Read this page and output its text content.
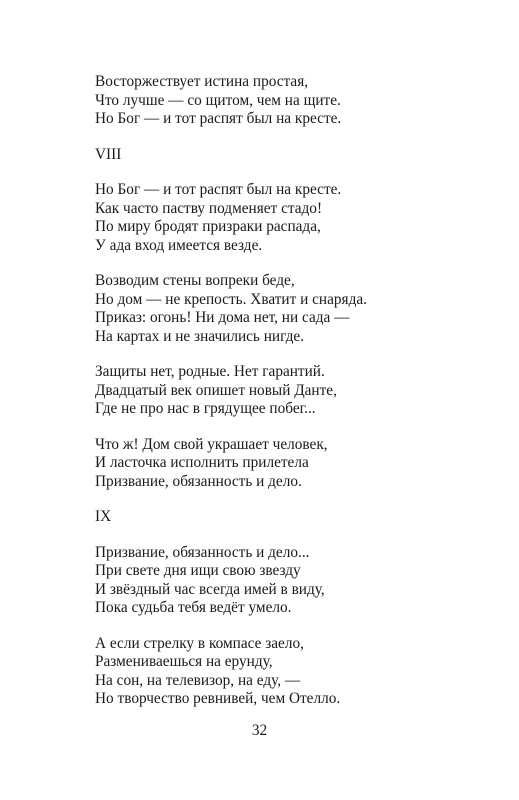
Восторжествует истина простая,
Что лучше — со щитом, чем на щите.
Но Бог — и тот распят был на кресте.
VIII
Но Бог — и тот распят был на кресте.
Как часто паству подменяет стадо!
По миру бродят призраки распада,
У ада вход имеется везде.
Возводим стены вопреки беде,
Но дом — не крепость. Хватит и снаряда.
Приказ: огонь! Ни дома нет, ни сада —
На картах и не значились нигде.
Защиты нет, родные. Нет гарантий.
Двадцатый век опишет новый Данте,
Где не про нас в грядущее побег...
Что ж! Дом свой украшает человек,
И ласточка исполнить прилетела
Призвание, обязанность и дело.
IX
Призвание, обязанность и дело...
При свете дня ищи свою звезду
И звёздный час всегда имей в виду,
Пока судьба тебя ведёт умело.
А если стрелку в компасе заело,
Размениваешься на ерунду,
На сон, на телевизор, на еду, —
Но творчество ревнивей, чем Отелло.
32
